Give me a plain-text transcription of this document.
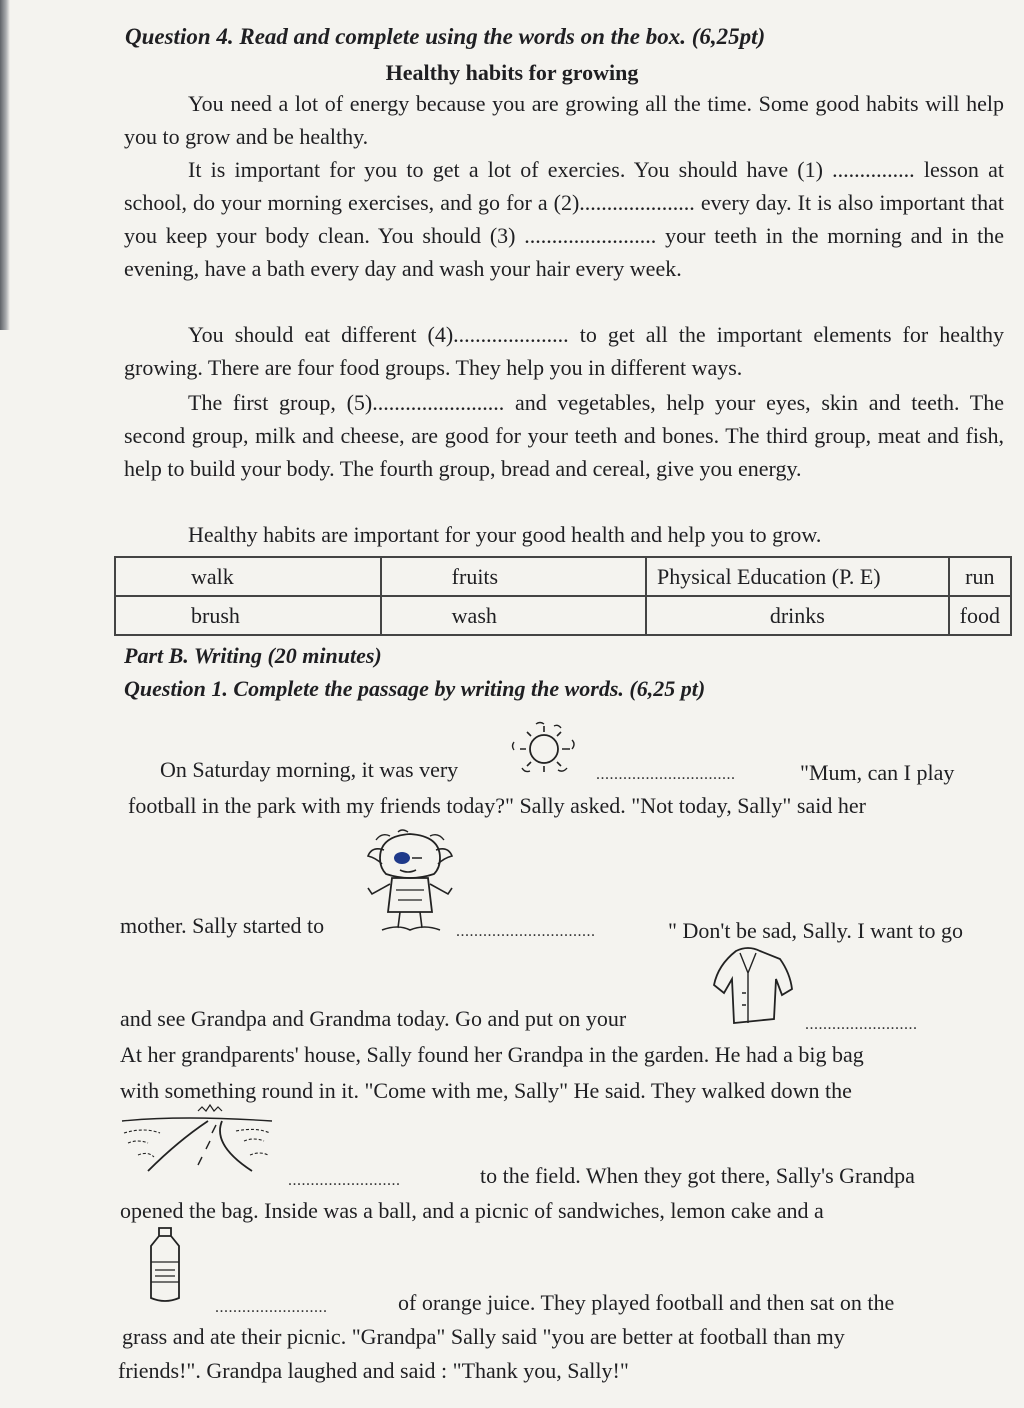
Question 4. Read and complete using the words on the box. (6,25pt)
Healthy habits for growing

You need a lot of energy because you are growing all the time. Some good habits will help you to grow and be healthy.

It is important for you to get a lot of exercies. You should have (1) ............... lesson at school, do your morning exercises, and go for a (2)..................... every day. It is also important that you keep your body clean. You should (3) ........................ your teeth in the morning and in the evening, have a bath every day and wash your hair every week.

You should eat different (4)..................... to get all the important elements for healthy growing. There are four food groups. They help you in different ways.

The first group, (5)........................ and vegetables, help your eyes, skin and teeth. The second group, milk and cheese, are good for your teeth and bones. The third group, meat and fish, help to build your body. The fourth group, bread and cereal, give you energy.

Healthy habits are important for your good health and help you to grow.

walk	fruits	Physical Education (P. E)	run
brush	wash	drinks	food
Part B. Writing (20 minutes)
Question 1. Complete the passage by writing the words. (6,25 pt)
On Saturday morning, it was very	...............................	"Mum, can I play
football in the park with my friends today?" Sally asked. "Not today, Sally" said her
mother. Sally started to	...............................	" Don't be sad, Sally. I want to go
and see Grandpa and Grandma today. Go and put on your	.........................
At her grandparents' house, Sally found her Grandpa in the garden. He had a big bag
with something round in it. "Come with me, Sally" He said. They walked down the
.........................	to the field. When they got there, Sally's Grandpa
opened the bag. Inside was a ball, and a picnic of sandwiches, lemon cake and a
.........................	of orange juice. They played football and then sat on the
grass and ate their picnic. "Grandpa" Sally said "you are better at football than my
friends!". Grandpa laughed and said : "Thank you, Sally!"
